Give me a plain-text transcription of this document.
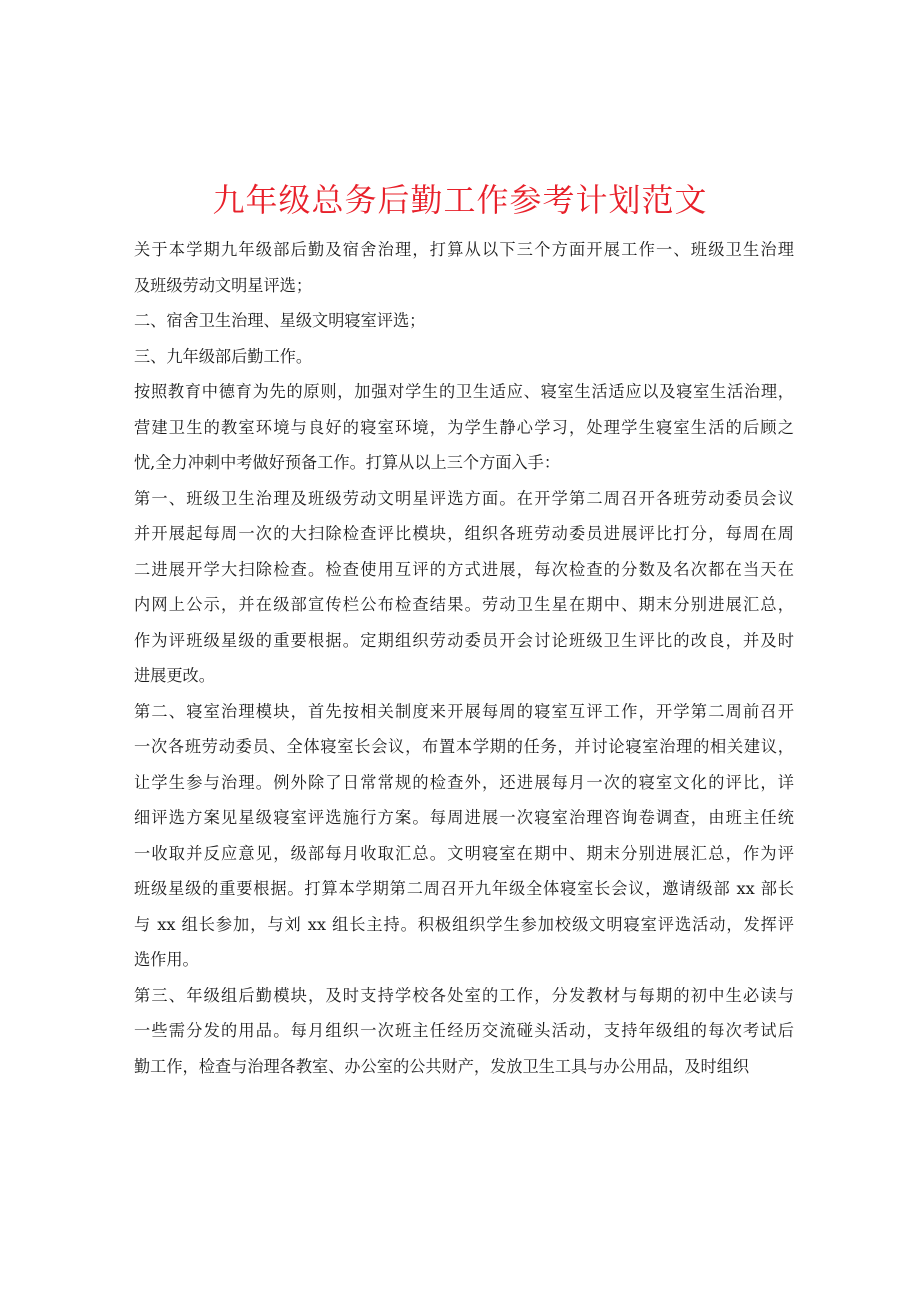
九年级总务后勤工作参考计划范文
关于本学期九年级部后勤及宿舍治理，打算从以下三个方面开展工作一、班级卫生治理
及班级劳动文明星评选；
二、宿舍卫生治理、星级文明寝室评选；
三、九年级部后勤工作。
按照教育中德育为先的原则，加强对学生的卫生适应、寝室生活适应以及寝室生活治理，
营建卫生的教室环境与良好的寝室环境，为学生静心学习，处理学生寝室生活的后顾之
忧,全力冲刺中考做好预备工作。打算从以上三个方面入手：
第一、班级卫生治理及班级劳动文明星评选方面。在开学第二周召开各班劳动委员会议
并开展起每周一次的大扫除检查评比模块，组织各班劳动委员进展评比打分，每周在周
二进展开学大扫除检查。检查使用互评的方式进展，每次检查的分数及名次都在当天在
内网上公示，并在级部宣传栏公布检查结果。劳动卫生星在期中、期末分别进展汇总，
作为评班级星级的重要根据。定期组织劳动委员开会讨论班级卫生评比的改良，并及时
进展更改。
第二、寝室治理模块，首先按相关制度来开展每周的寝室互评工作，开学第二周前召开
一次各班劳动委员、全体寝室长会议，布置本学期的任务，并讨论寝室治理的相关建议，
让学生参与治理。例外除了日常常规的检查外，还进展每月一次的寝室文化的评比，详
细评选方案见星级寝室评选施行方案。每周进展一次寝室治理咨询卷调查，由班主任统
一收取并反应意见，级部每月收取汇总。文明寝室在期中、期末分别进展汇总，作为评
班级星级的重要根据。打算本学期第二周召开九年级全体寝室长会议，邀请级部 xx 部长
与 xx 组长参加，与刘 xx 组长主持。积极组织学生参加校级文明寝室评选活动，发挥评
选作用。
第三、年级组后勤模块，及时支持学校各处室的工作，分发教材与每期的初中生必读与
一些需分发的用品。每月组织一次班主任经历交流碰头活动，支持年级组的每次考试后
勤工作，检查与治理各教室、办公室的公共财产，发放卫生工具与办公用品，及时组织
